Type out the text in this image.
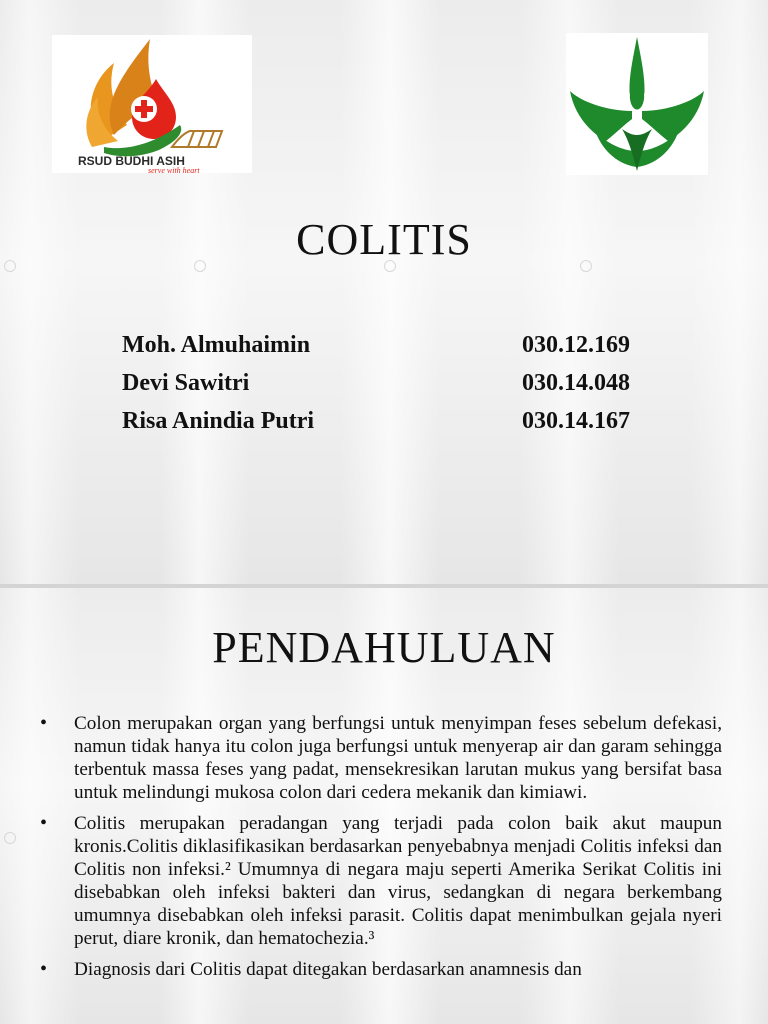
RSUD BUDHI ASIH
serve with heart
COLITIS
Moh. Almuhaimin	030.12.169
Devi Sawitri	030.14.048
Risa Anindia Putri	030.14.167
PENDAHULUAN
• Colon merupakan organ yang berfungsi untuk menyimpan feses sebelum defekasi, namun tidak hanya itu colon juga berfungsi untuk menyerap air dan garam sehingga terbentuk massa feses yang padat, mensekresikan larutan mukus yang bersifat basa untuk melindungi mukosa colon dari cedera mekanik dan kimiawi.
• Colitis merupakan peradangan yang terjadi pada colon baik akut maupun kronis.Colitis diklasifikasikan berdasarkan penyebabnya menjadi Colitis infeksi dan Colitis non infeksi.² Umumnya di negara maju seperti Amerika Serikat Colitis ini disebabkan oleh infeksi bakteri dan virus, sedangkan di negara berkembang umumnya disebabkan oleh infeksi parasit. Colitis dapat menimbulkan gejala nyeri perut, diare kronik, dan hematochezia.³
• Diagnosis dari Colitis dapat ditegakan berdasarkan anamnesis dan
